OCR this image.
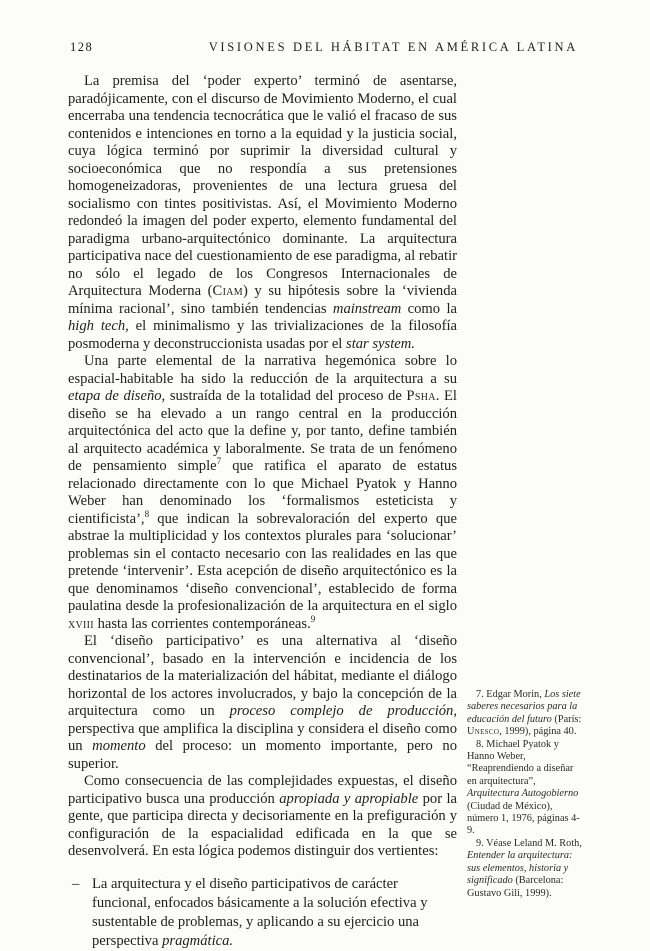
128	VISIONES DEL HÁBITAT EN AMÉRICA LATINA

La premisa del ‘poder experto’ terminó de asentarse, paradójicamente, con el discurso de Movimiento Moderno, el cual encerraba una tendencia tecnocrática que le valió el fracaso de sus contenidos e intenciones en torno a la equidad y la justicia social, cuya lógica terminó por suprimir la diversidad cultural y socioeconómica que no respondía a sus pretensiones homogeneizadoras, provenientes de una lectura gruesa del socialismo con tintes positivistas. Así, el Movimiento Moderno redondeó la imagen del poder experto, elemento fundamental del paradigma urbano-arquitectónico dominante. La arquitectura participativa nace del cuestionamiento de ese paradigma, al rebatir no sólo el legado de los Congresos Internacionales de Arquitectura Moderna (Ciam) y su hipótesis sobre la ‘vivienda mínima racional’, sino también tendencias mainstream como la high tech, el minimalismo y las trivializaciones de la filosofía posmoderna y deconstruccionista usadas por el star system.

Una parte elemental de la narrativa hegemónica sobre lo espacial-habitable ha sido la reducción de la arquitectura a su etapa de diseño, sustraída de la totalidad del proceso de Psha. El diseño se ha elevado a un rango central en la producción arquitectónica del acto que la define y, por tanto, define también al arquitecto académica y laboralmente. Se trata de un fenómeno de pensamiento simple$^7$ que ratifica el aparato de estatus relacionado directamente con lo que Michael Pyatok y Hanno Weber han denominado los ‘formalismos esteticista y cientificista’,$^8$ que indican la sobrevaloración del experto que abstrae la multiplicidad y los contextos plurales para ‘solucionar’ problemas sin el contacto necesario con las realidades en las que pretende ‘intervenir’. Esta acepción de diseño arquitectónico es la que denominamos ‘diseño convencional’, establecido de forma paulatina desde la profesionalización de la arquitectura en el siglo xviii hasta las corrientes contemporáneas.$^9$

El ‘diseño participativo’ es una alternativa al ‘diseño convencional’, basado en la intervención e incidencia de los destinatarios de la materialización del hábitat, mediante el diálogo horizontal de los actores involucrados, y bajo la concepción de la arquitectura como un proceso complejo de producción, perspectiva que amplifica la disciplina y considera el diseño como un momento del proceso: un momento importante, pero no superior.

Como consecuencia de las complejidades expuestas, el diseño participativo busca una producción apropiada y apropiable por la gente, que participa directa y decisoriamente en la prefiguración y configuración de la espacialidad edificada en la que se desenvolverá. En esta lógica podemos distinguir dos vertientes:

– La arquitectura y el diseño participativos de carácter funcional, enfocados básicamente a la solución efectiva y sustentable de problemas, y aplicando a su ejercicio una perspectiva pragmática.

7. Edgar Morin, Los siete saberes necesarios para la educación del futuro (París: Unesco, 1999), página 40.

8. Michael Pyatok y Hanno Weber, “Reaprendiendo a diseñar en arquitectura”, Arquitectura Autogobierno (Ciudad de México), número 1, 1976, páginas 4-9.

9. Véase Leland M. Roth, Entender la arquitectura: sus elementos, historia y significado (Barcelona: Gustavo Gili, 1999).
